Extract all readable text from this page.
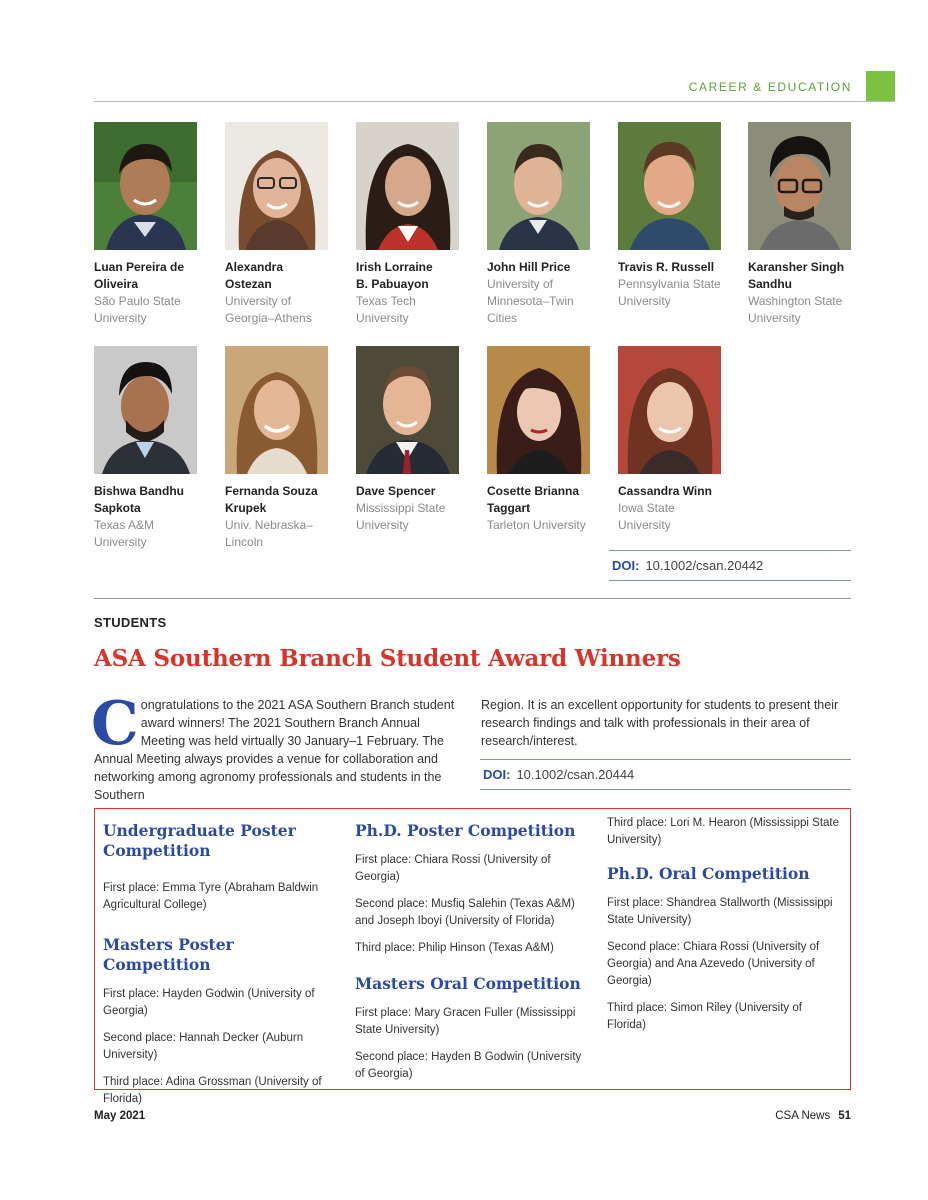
CAREER & EDUCATION
Luan Pereira de
Oliveira
São Paulo State
University
Alexandra
Ostezan
University of
Georgia–Athens
Irish Lorraine
B. Pabuayon
Texas Tech
University
John Hill Price
University of
Minnesota–Twin
Cities
Travis R. Russell
Pennsylvania State
University
Karansher Singh
Sandhu
Washington State
University
Bishwa Bandhu
Sapkota
Texas A&M
University
Fernanda Souza
Krupek
Univ. Nebraska–
Lincoln
Dave Spencer
Mississippi State
University
Cosette Brianna
Taggart
Tarleton University
Cassandra Winn
Iowa State
University
DOI: 10.1002/csan.20442
STUDENTS
ASA Southern Branch Student Award Winners
Congratulations to the 2021 ASA Southern Branch student award winners! The 2021 Southern Branch Annual Meeting was held virtually 30 January–1 February. The Annual Meeting always provides a venue for collaboration and networking among agronomy professionals and students in the Southern
Region. It is an excellent opportunity for students to present their research findings and talk with professionals in their area of research/interest.
DOI: 10.1002/csan.20444
Undergraduate Poster Competition
First place: Emma Tyre (Abraham Baldwin Agricultural College)
Masters Poster Competition
First place: Hayden Godwin (University of Georgia)
Second place: Hannah Decker (Auburn University)
Third place: Adina Grossman (University of Florida)
Ph.D. Poster Competition
First place: Chiara Rossi (University of Georgia)
Second place: Musfiq Salehin (Texas A&M) and Joseph Iboyi (University of Florida)
Third place: Philip Hinson (Texas A&M)
Masters Oral Competition
First place: Mary Gracen Fuller (Mississippi State University)
Second place: Hayden B Godwin (University of Georgia)
Third place: Lori M. Hearon (Mississippi State University)
Ph.D. Oral Competition
First place: Shandrea Stallworth (Mississippi State University)
Second place: Chiara Rossi (University of Georgia) and Ana Azevedo (University of Georgia)
Third place: Simon Riley (University of Florida)
May 2021	CSA News 51
